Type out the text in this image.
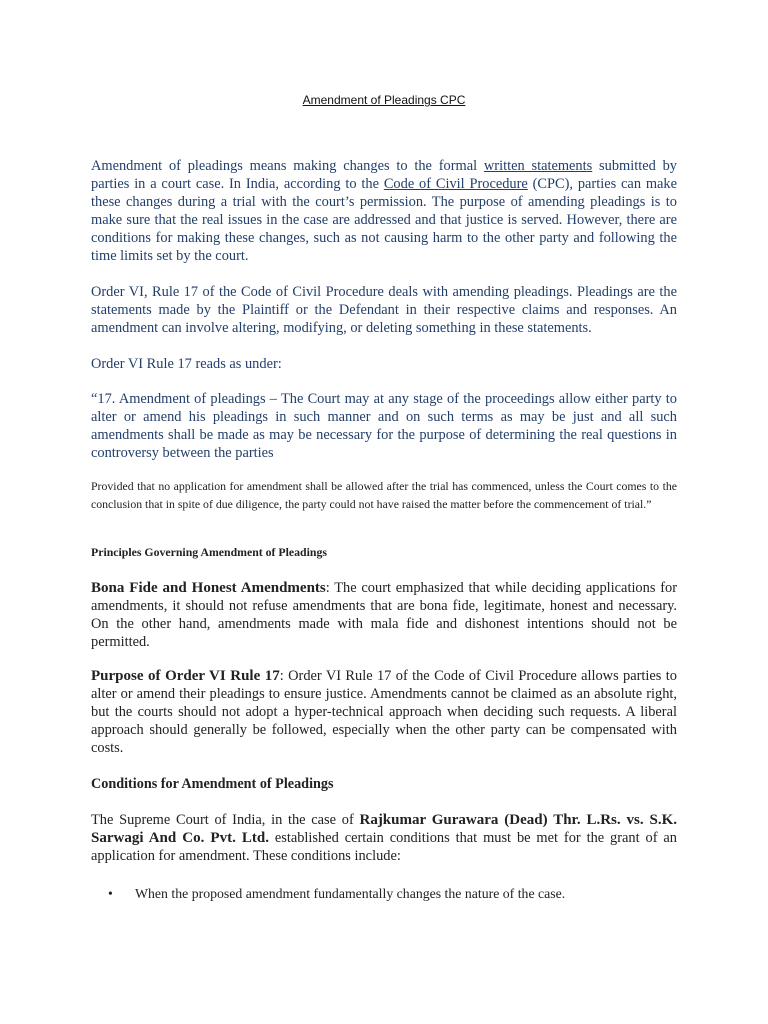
Amendment of Pleadings CPC

Amendment of pleadings means making changes to the formal written statements submitted by parties in a court case. In India, according to the Code of Civil Procedure (CPC), parties can make these changes during a trial with the court’s permission. The purpose of amending pleadings is to make sure that the real issues in the case are addressed and that justice is served. However, there are conditions for making these changes, such as not causing harm to the other party and following the time limits set by the court.

Order VI, Rule 17 of the Code of Civil Procedure deals with amending pleadings. Pleadings are the statements made by the Plaintiff or the Defendant in their respective claims and responses. An amendment can involve altering, modifying, or deleting something in these statements.

Order VI Rule 17 reads as under:

“17. Amendment of pleadings – The Court may at any stage of the proceedings allow either party to alter or amend his pleadings in such manner and on such terms as may be just and all such amendments shall be made as may be necessary for the purpose of determining the real questions in controversy between the parties

Provided that no application for amendment shall be allowed after the trial has commenced, unless the Court comes to the conclusion that in spite of due diligence, the party could not have raised the matter before the commencement of trial.”

Principles Governing Amendment of Pleadings

Bona Fide and Honest Amendments: The court emphasized that while deciding applications for amendments, it should not refuse amendments that are bona fide, legitimate, honest and necessary. On the other hand, amendments made with mala fide and dishonest intentions should not be permitted.

Purpose of Order VI Rule 17: Order VI Rule 17 of the Code of Civil Procedure allows parties to alter or amend their pleadings to ensure justice. Amendments cannot be claimed as an absolute right, but the courts should not adopt a hyper-technical approach when deciding such requests. A liberal approach should generally be followed, especially when the other party can be compensated with costs.

Conditions for Amendment of Pleadings

The Supreme Court of India, in the case of Rajkumar Gurawara (Dead) Thr. L.Rs. vs. S.K. Sarwagi And Co. Pvt. Ltd. established certain conditions that must be met for the grant of an application for amendment. These conditions include:

• When the proposed amendment fundamentally changes the nature of the case.
